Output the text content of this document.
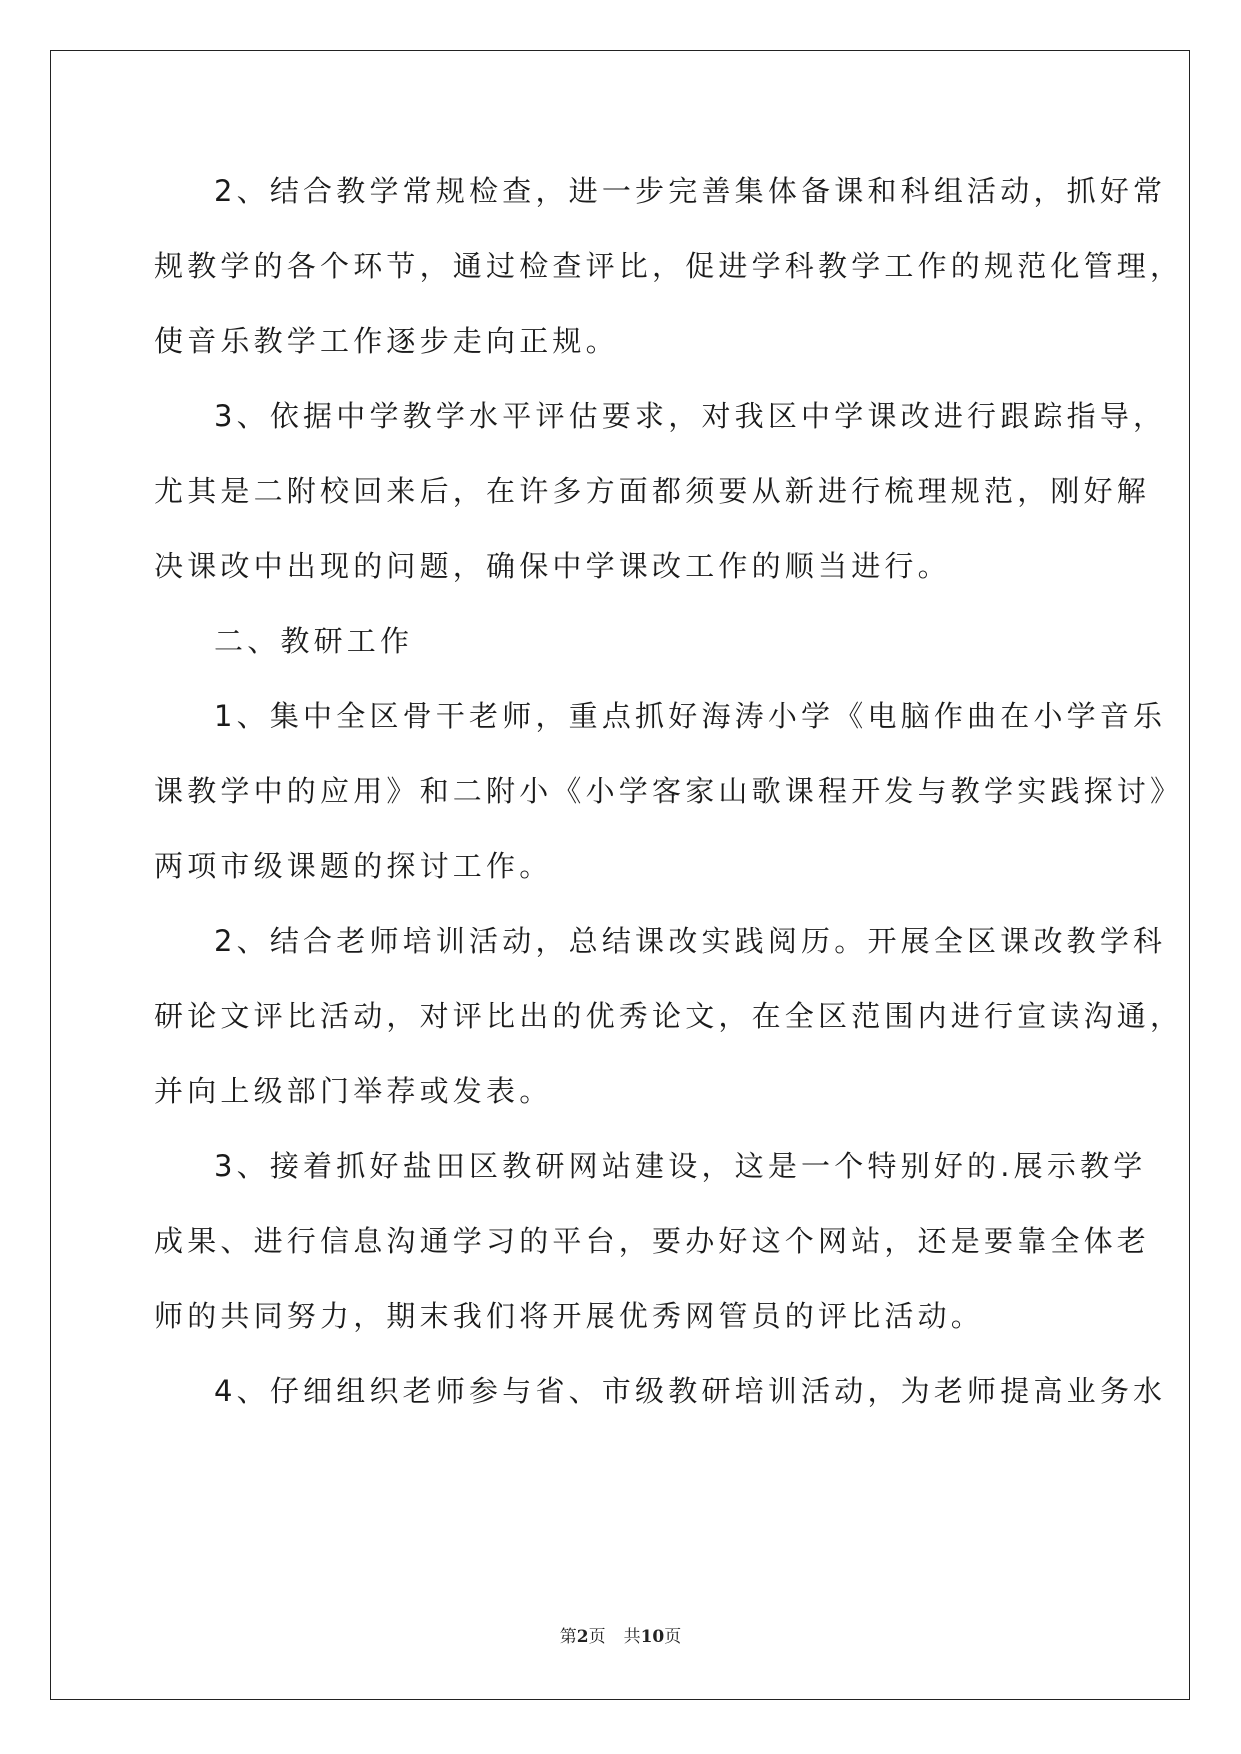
2、结合教学常规检查，进一步完善集体备课和科组活动，抓好常
规教学的各个环节，通过检查评比，促进学科教学工作的规范化管理，
使音乐教学工作逐步走向正规。
3、依据中学教学水平评估要求，对我区中学课改进行跟踪指导，
尤其是二附校回来后，在许多方面都须要从新进行梳理规范，刚好解
决课改中出现的问题，确保中学课改工作的顺当进行。
二、教研工作
1、集中全区骨干老师，重点抓好海涛小学《电脑作曲在小学音乐
课教学中的应用》和二附小《小学客家山歌课程开发与教学实践探讨》
两项市级课题的探讨工作。
2、结合老师培训活动，总结课改实践阅历。开展全区课改教学科
研论文评比活动，对评比出的优秀论文，在全区范围内进行宣读沟通，
并向上级部门举荐或发表。
3、接着抓好盐田区教研网站建设，这是一个特别好的.展示教学
成果、进行信息沟通学习的平台，要办好这个网站，还是要靠全体老
师的共同努力，期末我们将开展优秀网管员的评比活动。
4、仔细组织老师参与省、市级教研培训活动，为老师提高业务水
第2页 共10页
